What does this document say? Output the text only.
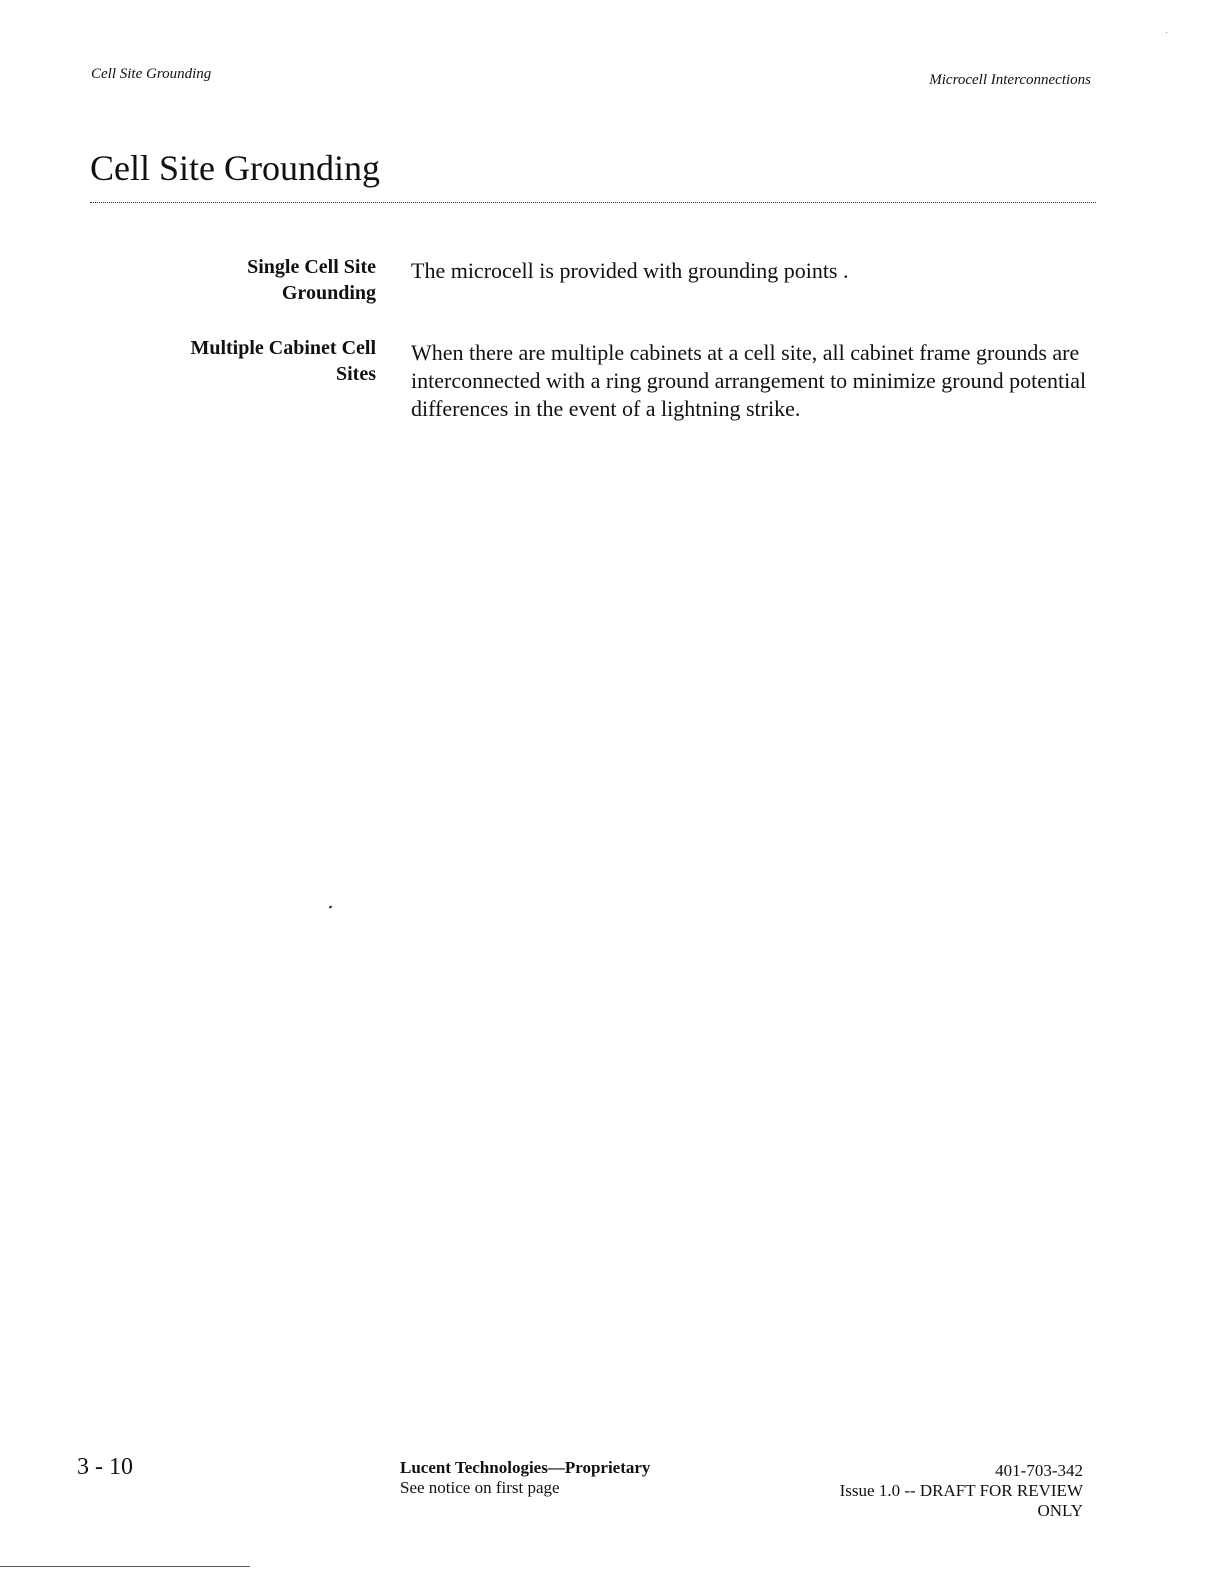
Cell Site Grounding	Microcell Interconnections
Cell Site Grounding
Single Cell Site
Grounding
The microcell is provided with grounding points .
Multiple Cabinet Cell
Sites
When there are multiple cabinets at a cell site, all cabinet frame grounds are interconnected with a ring ground arrangement to minimize ground potential differences in the event of a lightning strike.
3 - 10	Lucent Technologies—Proprietary
See notice on first page
401-703-342
Issue 1.0 -- DRAFT FOR REVIEW
ONLY
